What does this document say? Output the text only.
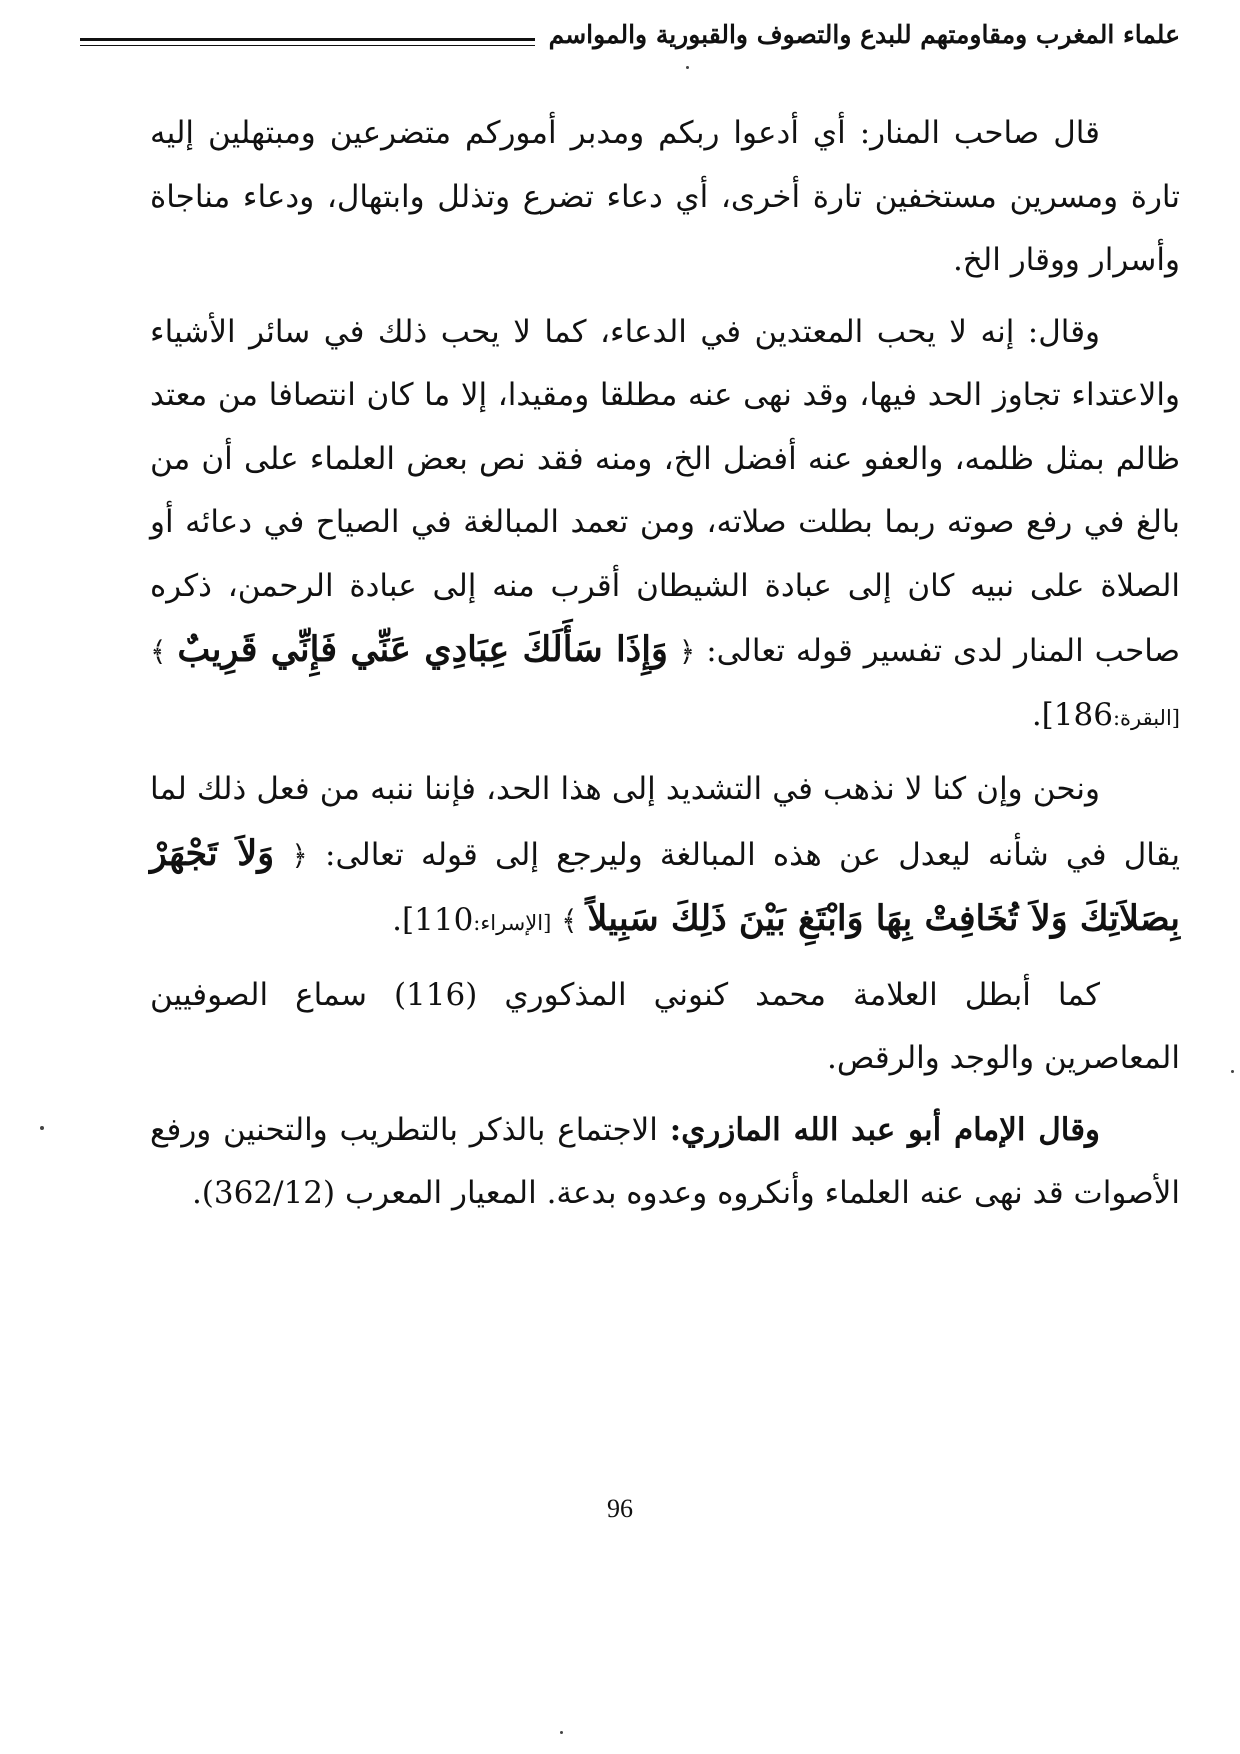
علماء المغرب ومقاومتهم للبدع والتصوف والقبورية والمواسم

قال صاحب المنار: أي أدعوا ربكم ومدبر أموركم متضرعين ومبتهلين إليه تارة ومسرين مستخفين تارة أخرى، أي دعاء تضرع وتذلل وابتهال، ودعاء مناجاة وأسرار ووقار الخ.

وقال: إنه لا يحب المعتدين في الدعاء، كما لا يحب ذلك في سائر الأشياء والاعتداء تجاوز الحد فيها، وقد نهى عنه مطلقا ومقيدا، إلا ما كان انتصافا من معتد ظالم بمثل ظلمه، والعفو عنه أفضل الخ، ومنه فقد نص بعض العلماء على أن من بالغ في رفع صوته ربما بطلت صلاته، ومن تعمد المبالغة في الصياح في دعائه أو الصلاة على نبيه كان إلى عبادة الشيطان أقرب منه إلى عبادة الرحمن، ذكره صاحب المنار لدى تفسير قوله تعالى: ﴿ وَإِذَا سَأَلَكَ عِبَادِي عَنِّي فَإِنِّي قَرِيبٌ ﴾ [البقرة:186].

ونحن وإن كنا لا نذهب في التشديد إلى هذا الحد، فإننا ننبه من فعل ذلك لما يقال في شأنه ليعدل عن هذه المبالغة وليرجع إلى قوله تعالى: ﴿ وَلاَ تَجْهَرْ بِصَلاَتِكَ وَلاَ تُخَافِتْ بِهَا وَابْتَغِ بَيْنَ ذَلِكَ سَبِيلاً ﴾ [الإسراء:110].

كما أبطل العلامة محمد كنوني المذكوري (116) سماع الصوفيين المعاصرين والوجد والرقص.

وقال الإمام أبو عبد الله المازري: الاجتماع بالذكر بالتطريب والتحنين ورفع الأصوات قد نهى عنه العلماء وأنكروه وعدوه بدعة. المعيار المعرب (362/12).

96
